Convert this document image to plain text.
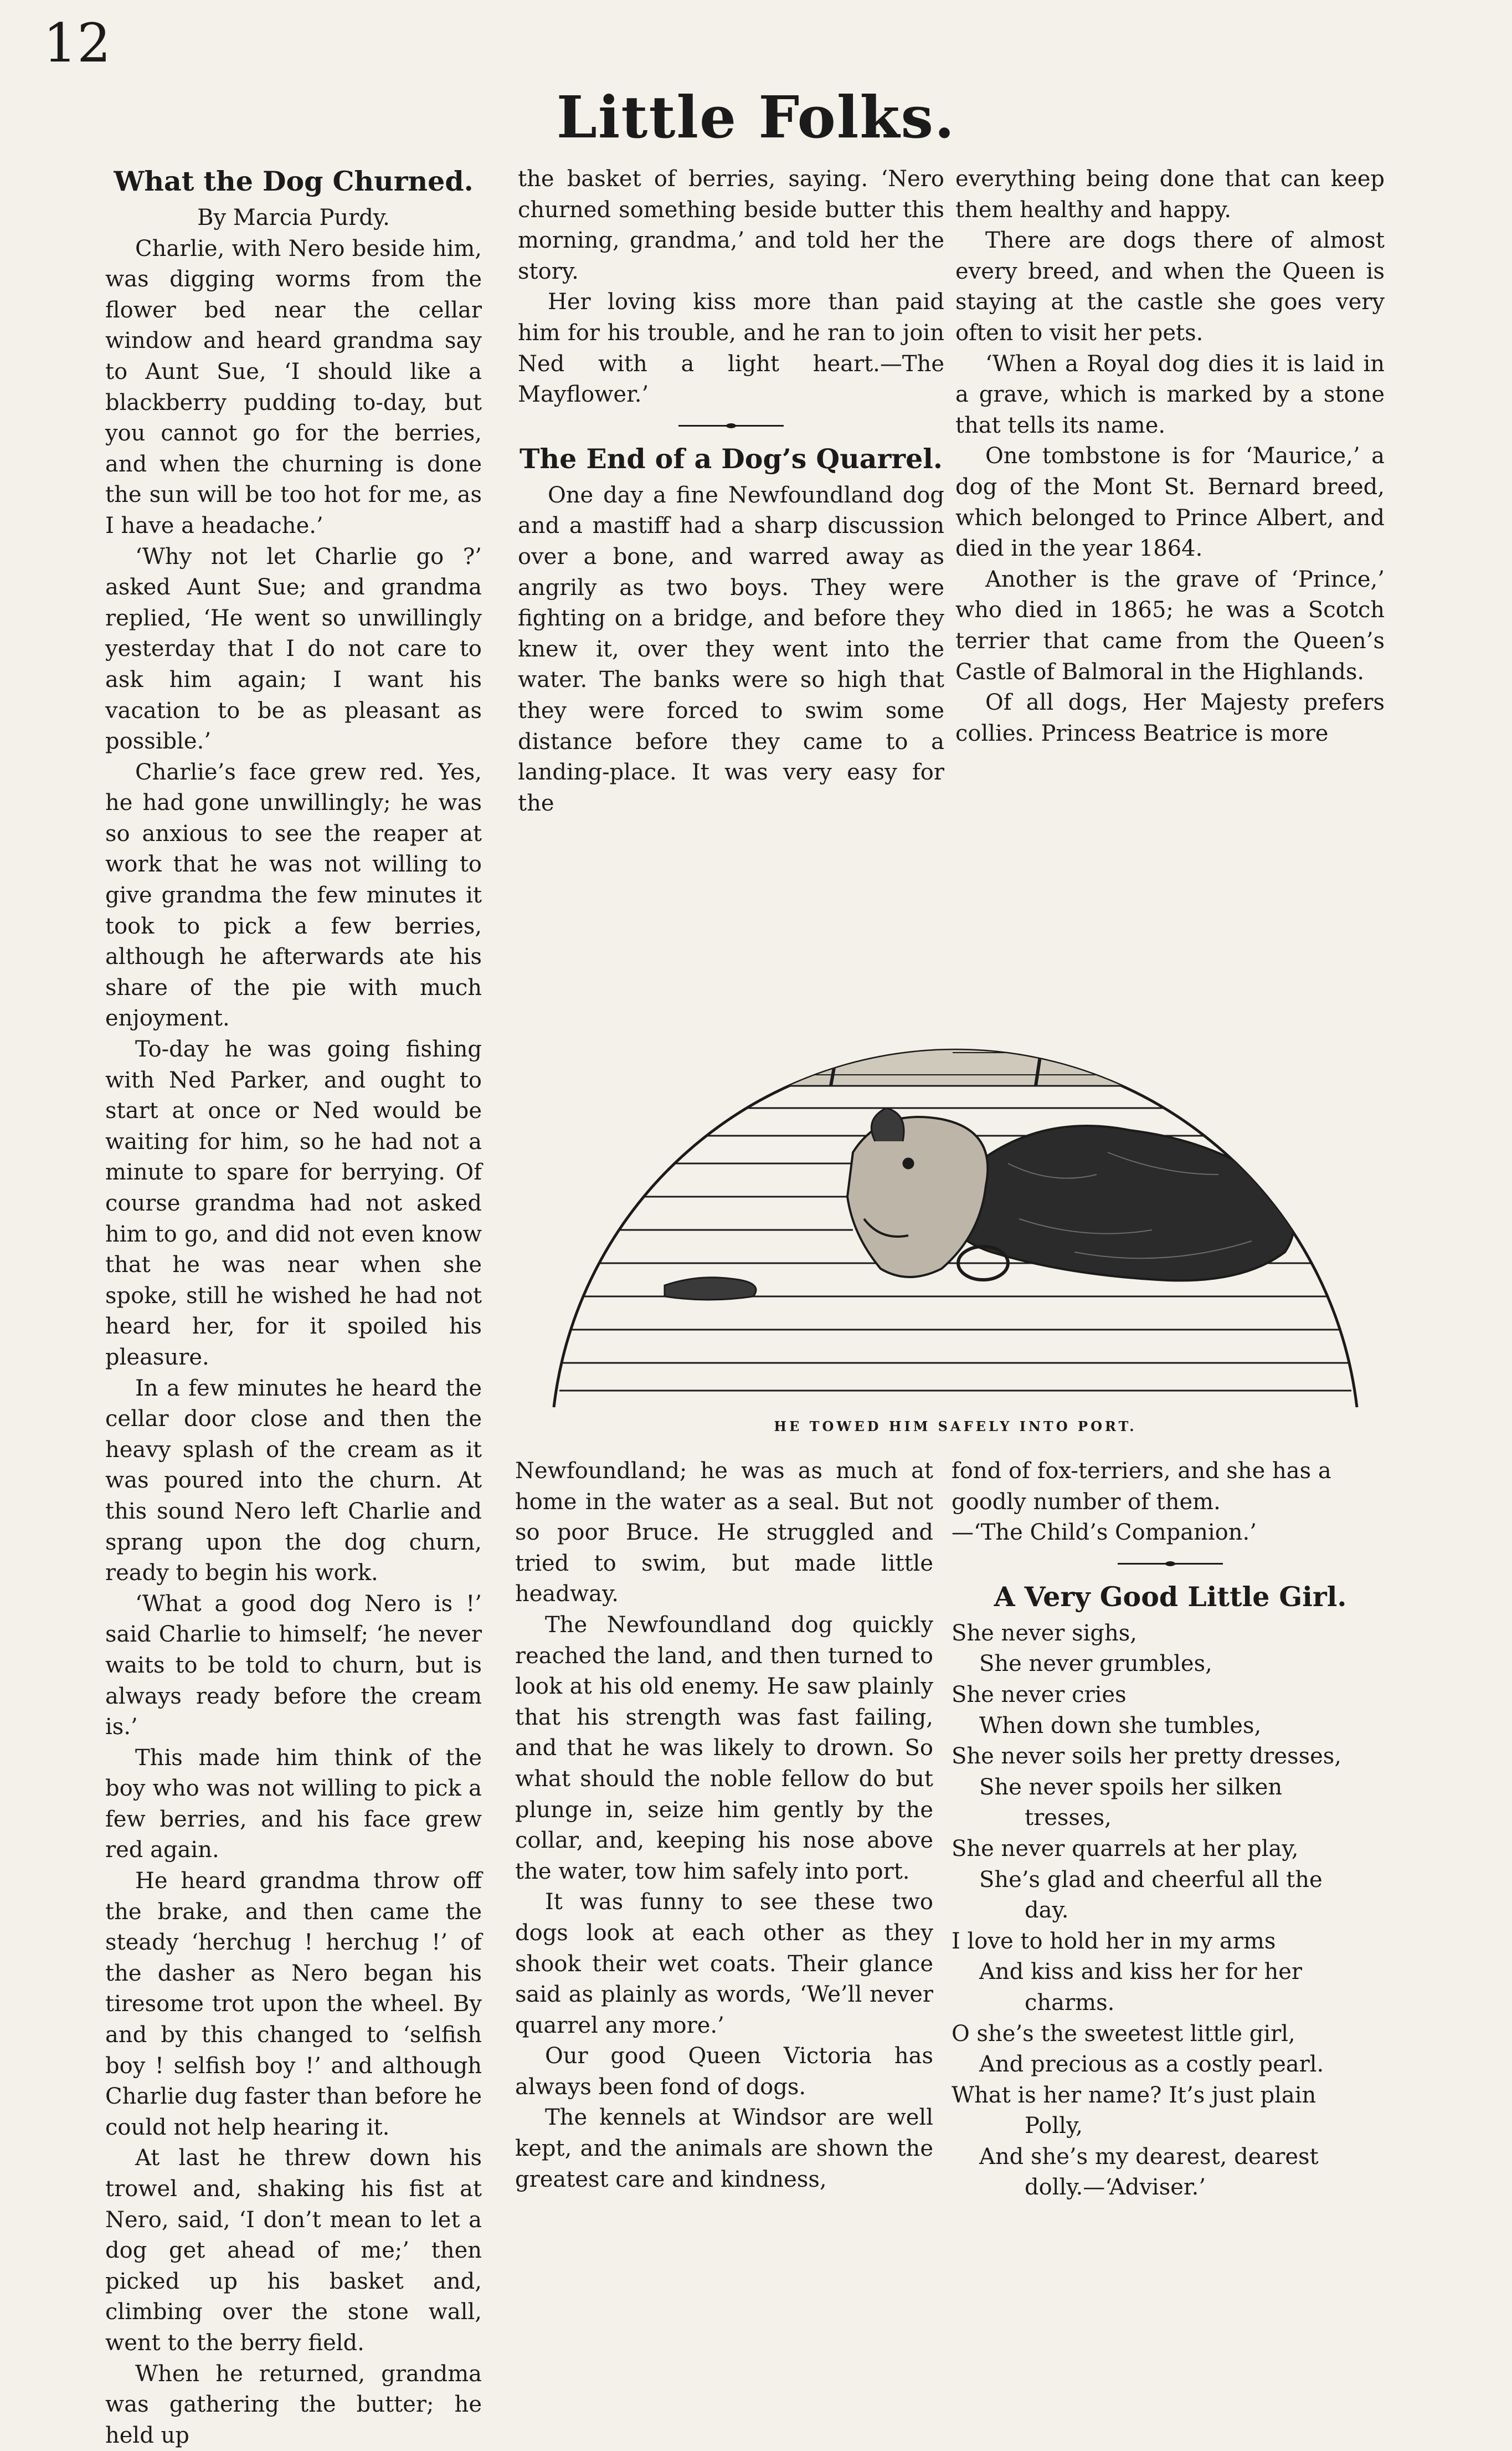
12
Little Folks.
What the Dog Churned.

By Marcia Purdy.

Charlie, with Nero beside him, was digging worms from the flower bed near the cellar window and heard grandma say to Aunt Sue, ‘I should like a blackberry pudding to-day, but you cannot go for the berries, and when the churning is done the sun will be too hot for me, as I have a headache.’

‘Why not let Charlie go ?’ asked Aunt Sue; and grandma replied, ‘He went so unwillingly yesterday that I do not care to ask him again; I want his vacation to be as pleasant as possible.’

Charlie’s face grew red. Yes, he had gone unwillingly; he was so anxious to see the reaper at work that he was not willing to give grandma the few minutes it took to pick a few berries, although he afterwards ate his share of the pie with much enjoyment.

To-day he was going fishing with Ned Parker, and ought to start at once or Ned would be waiting for him, so he had not a minute to spare for berrying. Of course grandma had not asked him to go, and did not even know that he was near when she spoke, still he wished he had not heard her, for it spoiled his pleasure.

In a few minutes he heard the cellar door close and then the heavy splash of the cream as it was poured into the churn. At this sound Nero left Charlie and sprang upon the dog churn, ready to begin his work.

‘What a good dog Nero is !’ said Charlie to himself; ‘he never waits to be told to churn, but is always ready before the cream is.’

This made him think of the boy who was not willing to pick a few berries, and his face grew red again.

He heard grandma throw off the brake, and then came the steady ‘herchug ! herchug !’ of the dasher as Nero began his tiresome trot upon the wheel. By and by this changed to ‘selfish boy ! selfish boy !’ and although Charlie dug faster than before he could not help hearing it.

At last he threw down his trowel and, shaking his fist at Nero, said, ‘I don’t mean to let a dog get ahead of me;’ then picked up his basket and, climbing over the stone wall, went to the berry field.

When he returned, grandma was gathering the butter; he held up

the basket of berries, saying. ‘Nero churned something beside butter this morning, grandma,’ and told her the story.

Her loving kiss more than paid him for his trouble, and he ran to join Ned with a light heart.—The Mayflower.’

The End of a Dog’s Quarrel.

One day a fine Newfoundland dog and a mastiff had a sharp discussion over a bone, and warred away as angrily as two boys. They were fighting on a bridge, and before they knew it, over they went into the water. The banks were so high that they were forced to swim some distance before they came to a landing-place. It was very easy for the

everything being done that can keep them healthy and happy.

There are dogs there of almost every breed, and when the Queen is staying at the castle she goes very often to visit her pets.

‘When a Royal dog dies it is laid in a grave, which is marked by a stone that tells its name.

One tombstone is for ‘Maurice,’ a dog of the Mont St. Bernard breed, which belonged to Prince Albert, and died in the year 1864.

Another is the grave of ‘Prince,’ who died in 1865; he was a Scotch terrier that came from the Queen’s Castle of Balmoral in the Highlands.

Of all dogs, Her Majesty prefers collies. Princess Beatrice is more

HE TOWED HIM SAFELY INTO PORT.

Newfoundland; he was as much at home in the water as a seal. But not so poor Bruce. He struggled and tried to swim, but made little headway.

The Newfoundland dog quickly reached the land, and then turned to look at his old enemy. He saw plainly that his strength was fast failing, and that he was likely to drown. So what should the noble fellow do but plunge in, seize him gently by the collar, and, keeping his nose above the water, tow him safely into port.

It was funny to see these two dogs look at each other as they shook their wet coats. Their glance said as plainly as words, ‘We’ll never quarrel any more.’

Our good Queen Victoria has always been fond of dogs.

The kennels at Windsor are well kept, and the animals are shown the greatest care and kindness,

fond of fox-terriers, and she has a goodly number of them.

—‘The Child’s Companion.’

A Very Good Little Girl.

She never sighs,

She never grumbles,

She never cries

When down she tumbles,

She never soils her pretty dresses,

She never spoils her silken

tresses,

She never quarrels at her play,

She’s glad and cheerful all the

day.

I love to hold her in my arms

And kiss and kiss her for her

charms.

O she’s the sweetest little girl,

And precious as a costly pearl.

What is her name? It’s just plain

Polly,

And she’s my dearest, dearest

dolly.—‘Adviser.’
